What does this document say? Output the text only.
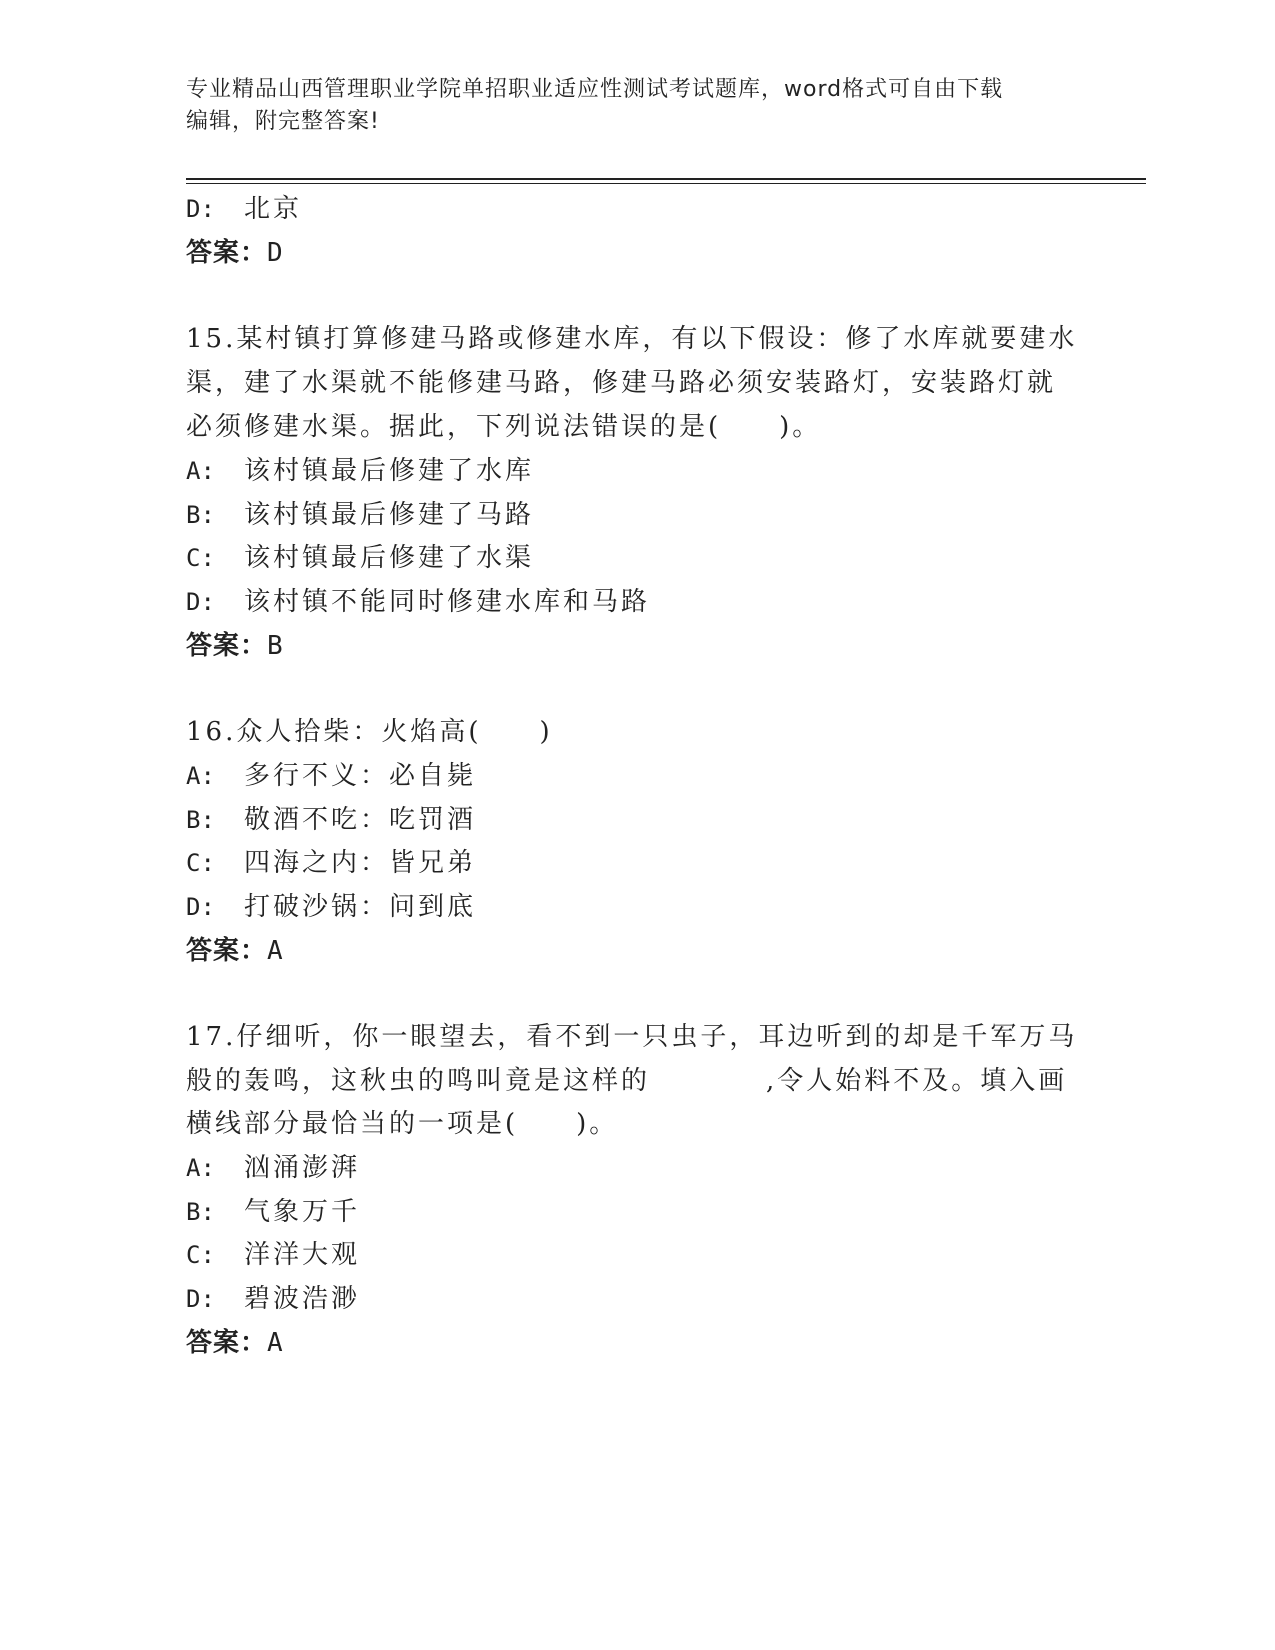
专业精品山西管理职业学院单招职业适应性测试考试题库，word格式可自由下载
编辑，附完整答案!
D: 北京
答案：D
15.某村镇打算修建马路或修建水库，有以下假设：修了水库就要建水
渠，建了水渠就不能修建马路，修建马路必须安装路灯，安装路灯就
必须修建水渠。据此，下列说法错误的是(　　)。
A: 该村镇最后修建了水库
B: 该村镇最后修建了马路
C: 该村镇最后修建了水渠
D: 该村镇不能同时修建水库和马路
答案：B
16.众人拾柴：火焰高(　　)
A: 多行不义：必自毙
B: 敬酒不吃：吃罚酒
C: 四海之内：皆兄弟
D: 打破沙锅：问到底
答案：A
17.仔细听，你一眼望去，看不到一只虫子，耳边听到的却是千军万马
般的轰鸣，这秋虫的鸣叫竟是这样的　　　　,令人始料不及。填入画
横线部分最恰当的一项是(　　)。
A: 汹涌澎湃
B: 气象万千
C: 洋洋大观
D: 碧波浩渺
答案：A
